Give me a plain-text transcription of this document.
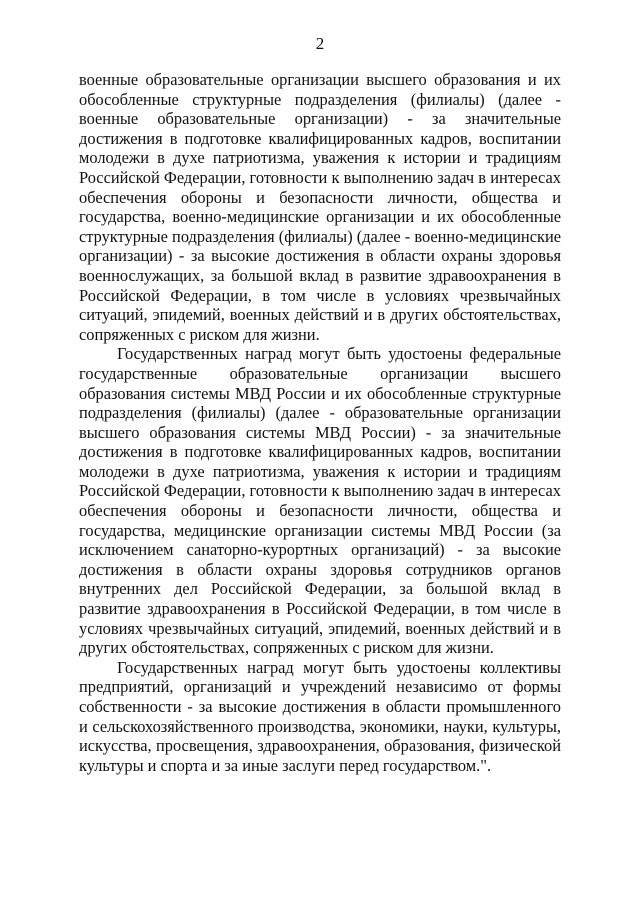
2

военные образовательные организации высшего образования и их обособленные структурные подразделения (филиалы) (далее - военные образовательные организации) - за значительные достижения в подготовке квалифицированных кадров, воспитании молодежи в духе патриотизма, уважения к истории и традициям Российской Федерации, готовности к выполнению задач в интересах обеспечения обороны и безопасности личности, общества и государства, военно-медицинские организации и их обособленные структурные подразделения (филиалы) (далее - военно-медицинские организации) - за высокие достижения в области охраны здоровья военнослужащих, за большой вклад в развитие здравоохранения в Российской Федерации, в том числе в условиях чрезвычайных ситуаций, эпидемий, военных действий и в других обстоятельствах, сопряженных с риском для жизни.

Государственных наград могут быть удостоены федеральные государственные образовательные организации высшего образования системы МВД России и их обособленные структурные подразделения (филиалы) (далее - образовательные организации высшего образования системы МВД России) - за значительные достижения в подготовке квалифицированных кадров, воспитании молодежи в духе патриотизма, уважения к истории и традициям Российской Федерации, готовности к выполнению задач в интересах обеспечения обороны и безопасности личности, общества и государства, медицинские организации системы МВД России (за исключением санаторно-курортных организаций) - за высокие достижения в области охраны здоровья сотрудников органов внутренних дел Российской Федерации, за большой вклад в развитие здравоохранения в Российской Федерации, в том числе в условиях чрезвычайных ситуаций, эпидемий, военных действий и в других обстоятельствах, сопряженных с риском для жизни.

Государственных наград могут быть удостоены коллективы предприятий, организаций и учреждений независимо от формы собственности - за высокие достижения в области промышленного и сельскохозяйственного производства, экономики, науки, культуры, искусства, просвещения, здравоохранения, образования, физической культуры и спорта и за иные заслуги перед государством.".
